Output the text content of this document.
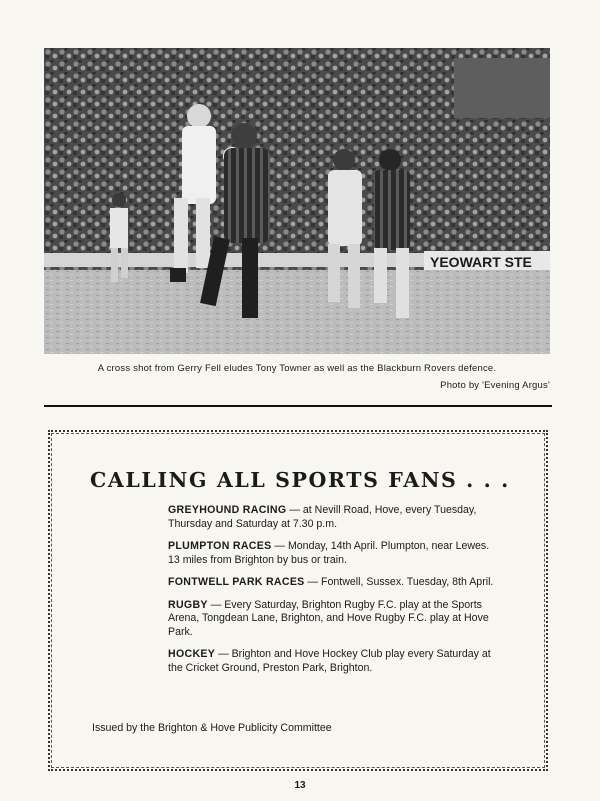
YEOWART STE
A cross shot from Gerry Fell eludes Tony Towner as well as the Blackburn Rovers defence.
Photo by 'Evening Argus'
CALLING ALL SPORTS FANS . . .
GREYHOUND RACING — at Nevill Road, Hove, every Tuesday, Thursday and Saturday at 7.30 p.m.
PLUMPTON RACES — Monday, 14th April. Plumpton, near Lewes. 13 miles from Brighton by bus or train.
FONTWELL PARK RACES — Fontwell, Sussex. Tuesday, 8th April.
RUGBY — Every Saturday, Brighton Rugby F.C. play at the Sports Arena, Tongdean Lane, Brighton, and Hove Rugby F.C. play at Hove Park.
HOCKEY — Brighton and Hove Hockey Club play every Saturday at the Cricket Ground, Preston Park, Brighton.
Issued by the Brighton & Hove Publicity Committee
13
